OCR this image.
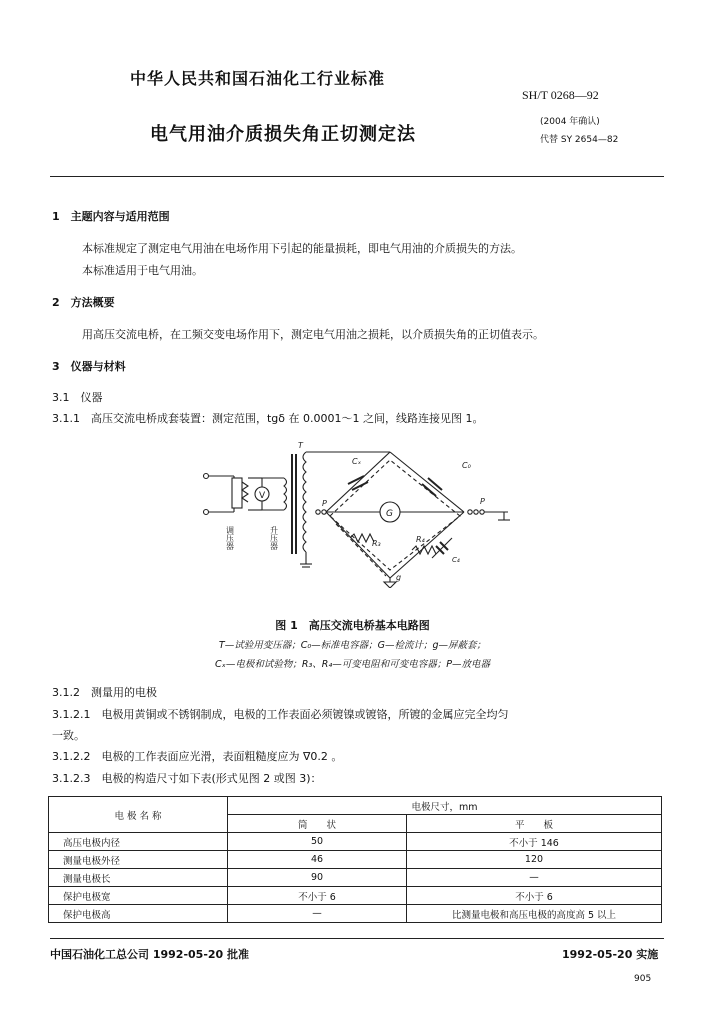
中华人民共和国石油化工行业标准
SH/T 0268—92
电气用油介质损失角正切测定法
(2004 年确认)
代替 SY 2654—82
1　主题内容与适用范围
本标准规定了测定电气用油在电场作用下引起的能量损耗，即电气用油的介质损失的方法。
本标准适用于电气用油。
2　方法概要
用高压交流电桥，在工频交变电场作用下，测定电气用油之损耗，以介质损失角的正切值表示。
3　仪器与材料
3.1　仪器
3.1.1　高压交流电桥成套装置：测定范围，tgδ 在 0.0001～1 之间，线路连接见图 1。
V
T
调压器	升压器
P
Cₓ	C₀
G
R₃	R₄
C₄
g
P
图 1　高压交流电桥基本电路图
T—试验用变压器；C₀—标准电容器；G—检流计；g—屏蔽套；
Cₓ—电极和试验物；R₃、R₄—可变电阻和可变电容器；P—放电器
3.1.2　测量用的电极
3.1.2.1　电极用黄铜或不锈钢制成，电极的工作表面必须镀镍或镀铬，所镀的金属应完全均匀
一致。
3.1.2.2　电极的工作表面应光滑，表面粗糙度应为 ∇0.2 。
3.1.2.3　电极的构造尺寸如下表(形式见图 2 或图 3)：
电 极 名 称	电极尺寸，mm	
	筒　　状	平　　板
高压电极内径	50	不小于 146
测量电极外径	46	120
测量电极长	90	—
保护电极宽	不小于 6	不小于 6
保护电极高	—	比测量电极和高压电极的高度高 5 以上
中国石油化工总公司 1992-05-20 批准	1992-05-20 实施
905
